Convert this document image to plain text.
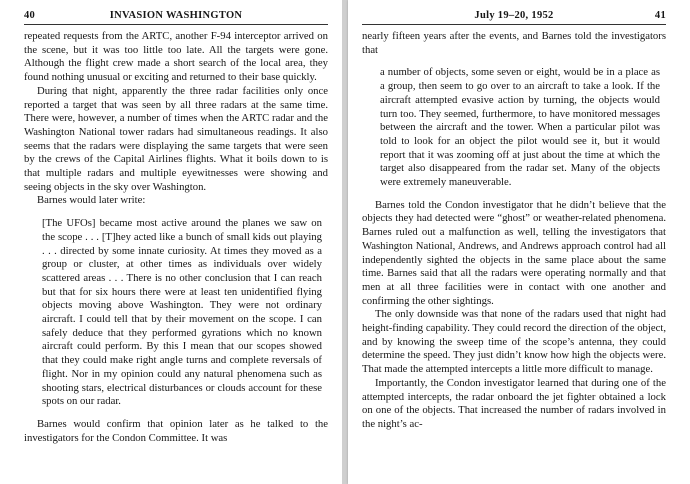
40	INVASION WASHINGTON

repeated requests from the ARTC, another F-94 interceptor arrived on the scene, but it was too little too late. All the targets were gone. Although the flight crew made a short search of the local area, they found nothing unusual or exciting and returned to their base quickly.

During that night, apparently the three radar facilities only once reported a target that was seen by all three radars at the same time. There were, however, a number of times when the ARTC radar and the Washington National tower radars had simultaneous readings. It also seems that the radars were displaying the same targets that were seen by the crews of the Capital Airlines flights. What it boils down to is that multiple radars and multiple eyewitnesses were showing and seeing objects in the sky over Washington.

Barnes would later write:

[The UFOs] became most active around the planes we saw on the scope . . . [T]hey acted like a bunch of small kids out playing . . . directed by some innate curiosity. At times they moved as a group or cluster, at other times as individuals over widely scattered areas . . . There is no other conclusion that I can reach but that for six hours there were at least ten unidentified flying objects moving above Washington. They were not ordinary aircraft. I could tell that by their movement on the scope. I can safely deduce that they performed gyrations which no known aircraft could perform. By this I mean that our scopes showed that they could make right angle turns and complete reversals of flight. Nor in my opinion could any natural phenomena such as shooting stars, electrical disturbances or clouds account for these spots on our radar.

Barnes would confirm that opinion later as he talked to the investigators for the Condon Committee. It was

July 19–20, 1952	41

nearly fifteen years after the events, and Barnes told the investigators that

a number of objects, some seven or eight, would be in a place as a group, then seem to go over to an aircraft to take a look. If the aircraft attempted evasive action by turning, the objects would turn too. They seemed, furthermore, to have monitored messages between the aircraft and the tower. When a particular pilot was told to look for an object the pilot would see it, but it would report that it was zooming off at just about the time at which the target also disappeared from the radar set. Many of the objects were extremely maneuverable.

Barnes told the Condon investigator that he didn’t believe that the objects they had detected were “ghost” or weather-related phenomena. Barnes ruled out a malfunction as well, telling the investigators that Washington National, Andrews, and Andrews approach control had all independently sighted the objects in the same place about the same time. Barnes said that all the radars were operating normally and that men at all three facilities were in contact with one another and confirming the other sightings.

The only downside was that none of the radars used that night had height-finding capability. They could record the direction of the object, and by knowing the sweep time of the scope’s antenna, they could determine the speed. They just didn’t know how high the objects were. That made the attempted intercepts a little more difficult to manage.

Importantly, the Condon investigator learned that during one of the attempted intercepts, the radar onboard the jet fighter obtained a lock on one of the objects. That increased the number of radars involved in the night’s ac-
